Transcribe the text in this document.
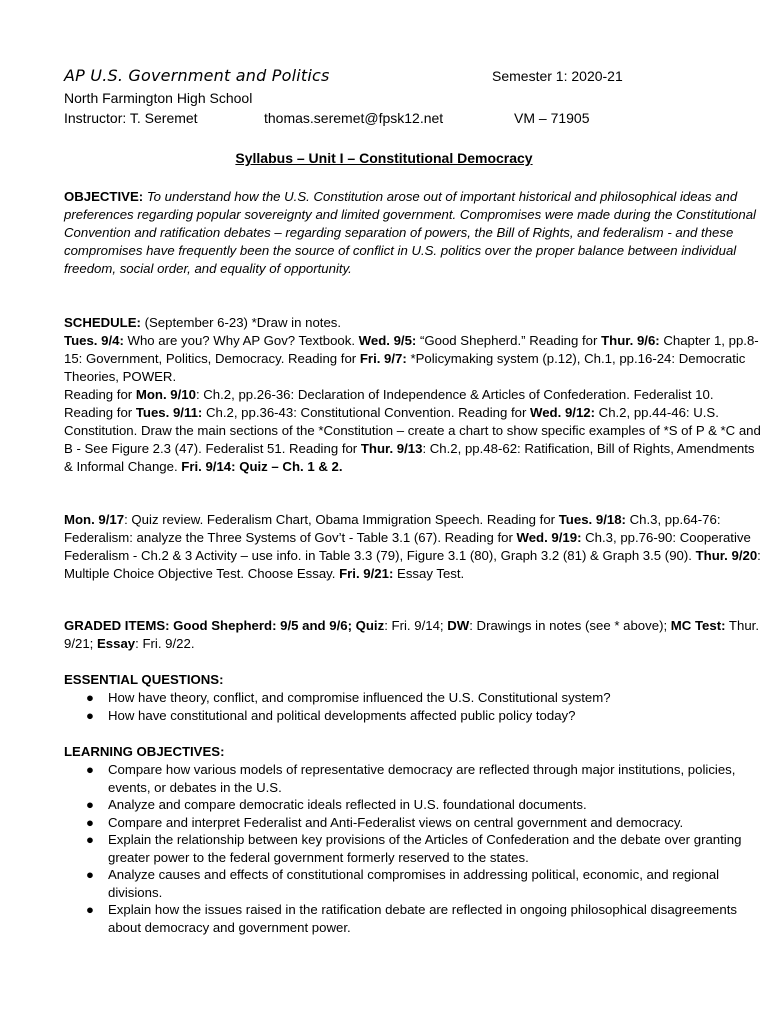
AP U.S. Government and Politics	Semester 1: 2020-21
North Farmington High School
Instructor: T. Seremet	thomas.seremet@fpsk12.net	VM – 71905
Syllabus – Unit I – Constitutional Democracy
OBJECTIVE: To understand how the U.S. Constitution arose out of important historical and philosophical ideas and preferences regarding popular sovereignty and limited government. Compromises were made during the Constitutional Convention and ratification debates – regarding separation of powers, the Bill of Rights, and federalism - and these compromises have frequently been the source of conflict in U.S. politics over the proper balance between individual freedom, social order, and equality of opportunity.
SCHEDULE: (September 6-23) *Draw in notes.
Tues. 9/4: Who are you? Why AP Gov? Textbook. Wed. 9/5: “Good Shepherd.” Reading for Thur. 9/6: Chapter 1, pp.8-15: Government, Politics, Democracy. Reading for Fri. 9/7: *Policymaking system (p.12), Ch.1, pp.16-24: Democratic Theories, POWER.
Reading for Mon. 9/10: Ch.2, pp.26-36: Declaration of Independence & Articles of Confederation. Federalist 10. Reading for Tues. 9/11: Ch.2, pp.36-43: Constitutional Convention. Reading for Wed. 9/12: Ch.2, pp.44-46: U.S. Constitution. Draw the main sections of the *Constitution – create a chart to show specific examples of *S of P & *C and B - See Figure 2.3 (47). Federalist 51. Reading for Thur. 9/13: Ch.2, pp.48-62: Ratification, Bill of Rights, Amendments & Informal Change. Fri. 9/14: Quiz – Ch. 1 & 2.
Mon. 9/17: Quiz review. Federalism Chart, Obama Immigration Speech. Reading for Tues. 9/18: Ch.3, pp.64-76: Federalism: analyze the Three Systems of Gov’t - Table 3.1 (67). Reading for Wed. 9/19: Ch.3, pp.76-90: Cooperative Federalism - Ch.2 & 3 Activity – use info. in Table 3.3 (79), Figure 3.1 (80), Graph 3.2 (81) & Graph 3.5 (90). Thur. 9/20: Multiple Choice Objective Test. Choose Essay. Fri. 9/21: Essay Test.
GRADED ITEMS: Good Shepherd: 9/5 and 9/6; Quiz: Fri. 9/14; DW: Drawings in notes (see * above); MC Test: Thur. 9/21; Essay: Fri. 9/22.
ESSENTIAL QUESTIONS:
● How have theory, conflict, and compromise influenced the U.S. Constitutional system?
● How have constitutional and political developments affected public policy today?
LEARNING OBJECTIVES:
● Compare how various models of representative democracy are reflected through major institutions, policies, events, or debates in the U.S.
● Analyze and compare democratic ideals reflected in U.S. foundational documents.
● Compare and interpret Federalist and Anti-Federalist views on central government and democracy.
● Explain the relationship between key provisions of the Articles of Confederation and the debate over granting greater power to the federal government formerly reserved to the states.
● Analyze causes and effects of constitutional compromises in addressing political, economic, and regional divisions.
● Explain how the issues raised in the ratification debate are reflected in ongoing philosophical disagreements about democracy and government power.
